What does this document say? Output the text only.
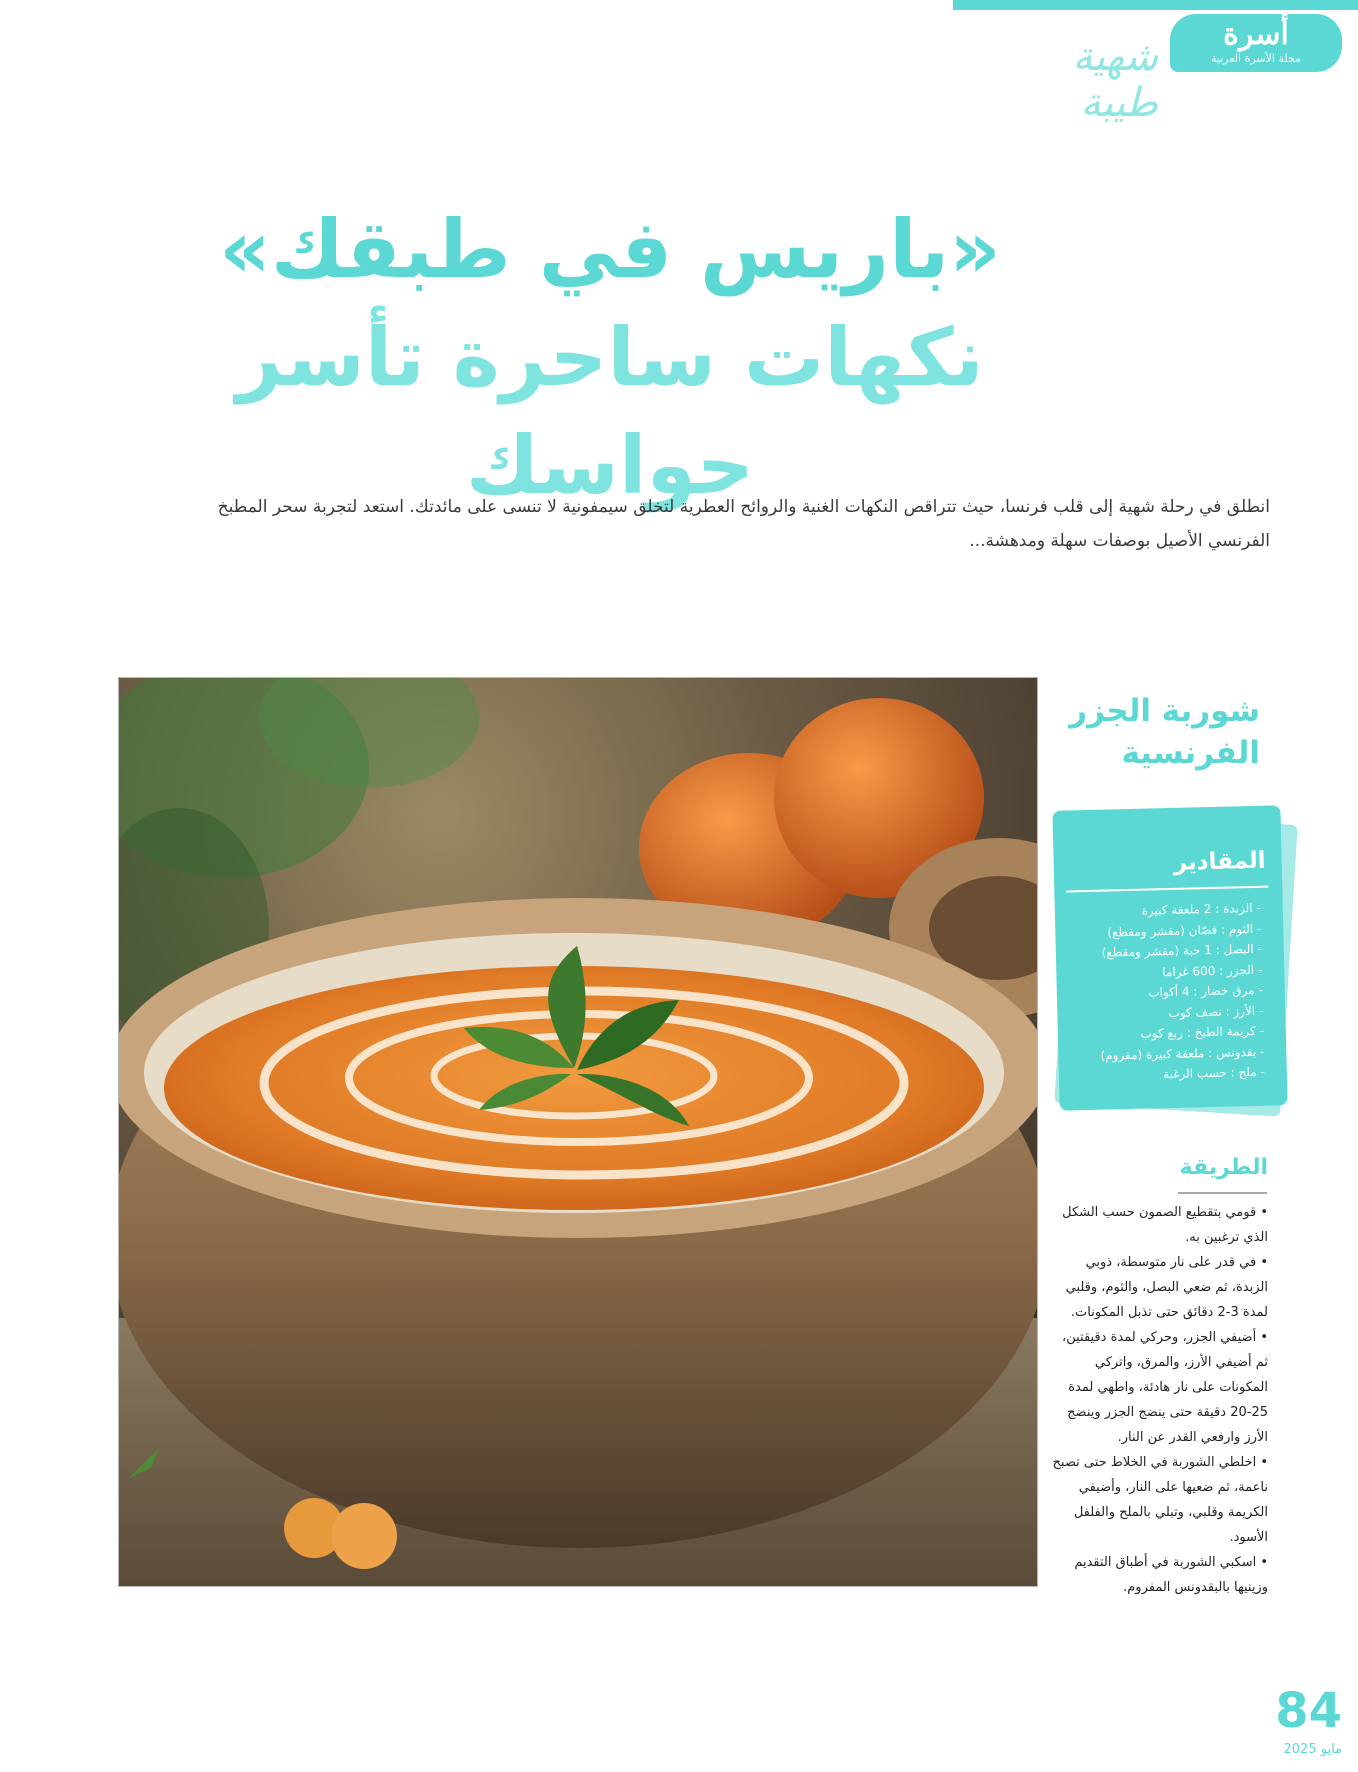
أسرة
مجلة الأسرة العربية
شهية طيبة
«باريس في طبقك»
نكهات ساحرة تأسر حواسك

انطلق في رحلة شهية إلى قلب فرنسا، حيث تتراقص النكهات الغنية والروائح العطرية لتخلق سيمفونية لا تنسى على مائدتك. استعد لتجربة سحر المطبخ الفرنسي الأصيل بوصفات سهلة ومدهشة...

شوربة الجزر
الفرنسية
المقادير
- الزبدة : 2 ملعقة كبيرة
- الثوم : فصّان (مقشر ومقطع)
- البصل : 1 حبة (مقشر ومقطع)
- الجزر : 600 غراما
- مرق خضار : 4 أكواب
- الأرز : نصف كوب
- كريمة الطبخ : ربع كوب
- بقدونس : ملعقة كبيرة (مفروم)
- ملح : حسب الرغبة
الطريقة
• قومي بتقطيع الصمون حسب الشكل الذي ترغبين به.
• في قدر على نار متوسطة، ذوبي الزبدة، ثم ضعي البصل، والثوم، وقلبي لمدة 3-2 دقائق حتى تذبل المكونات.
• أضيفي الجزر، وحركي لمدة دقيقتين، ثم أضيفي الأرز، والمرق، واتركي المكونات على نار هادئة، واطهي لمدة 25-20 دقيقة حتى ينضج الجزر وينضج الأرز وارفعي القدر عن النار.
• اخلطي الشوربة في الخلاط حتى تصبح ناعمة، ثم ضعيها على النار، وأضيفي الكريمة وقلبي، وتبلي بالملح والفلفل الأسود.
• اسكبي الشوربة في أطباق التقديم وزينيها بالبقدونس المفروم.
84
مايو 2025
